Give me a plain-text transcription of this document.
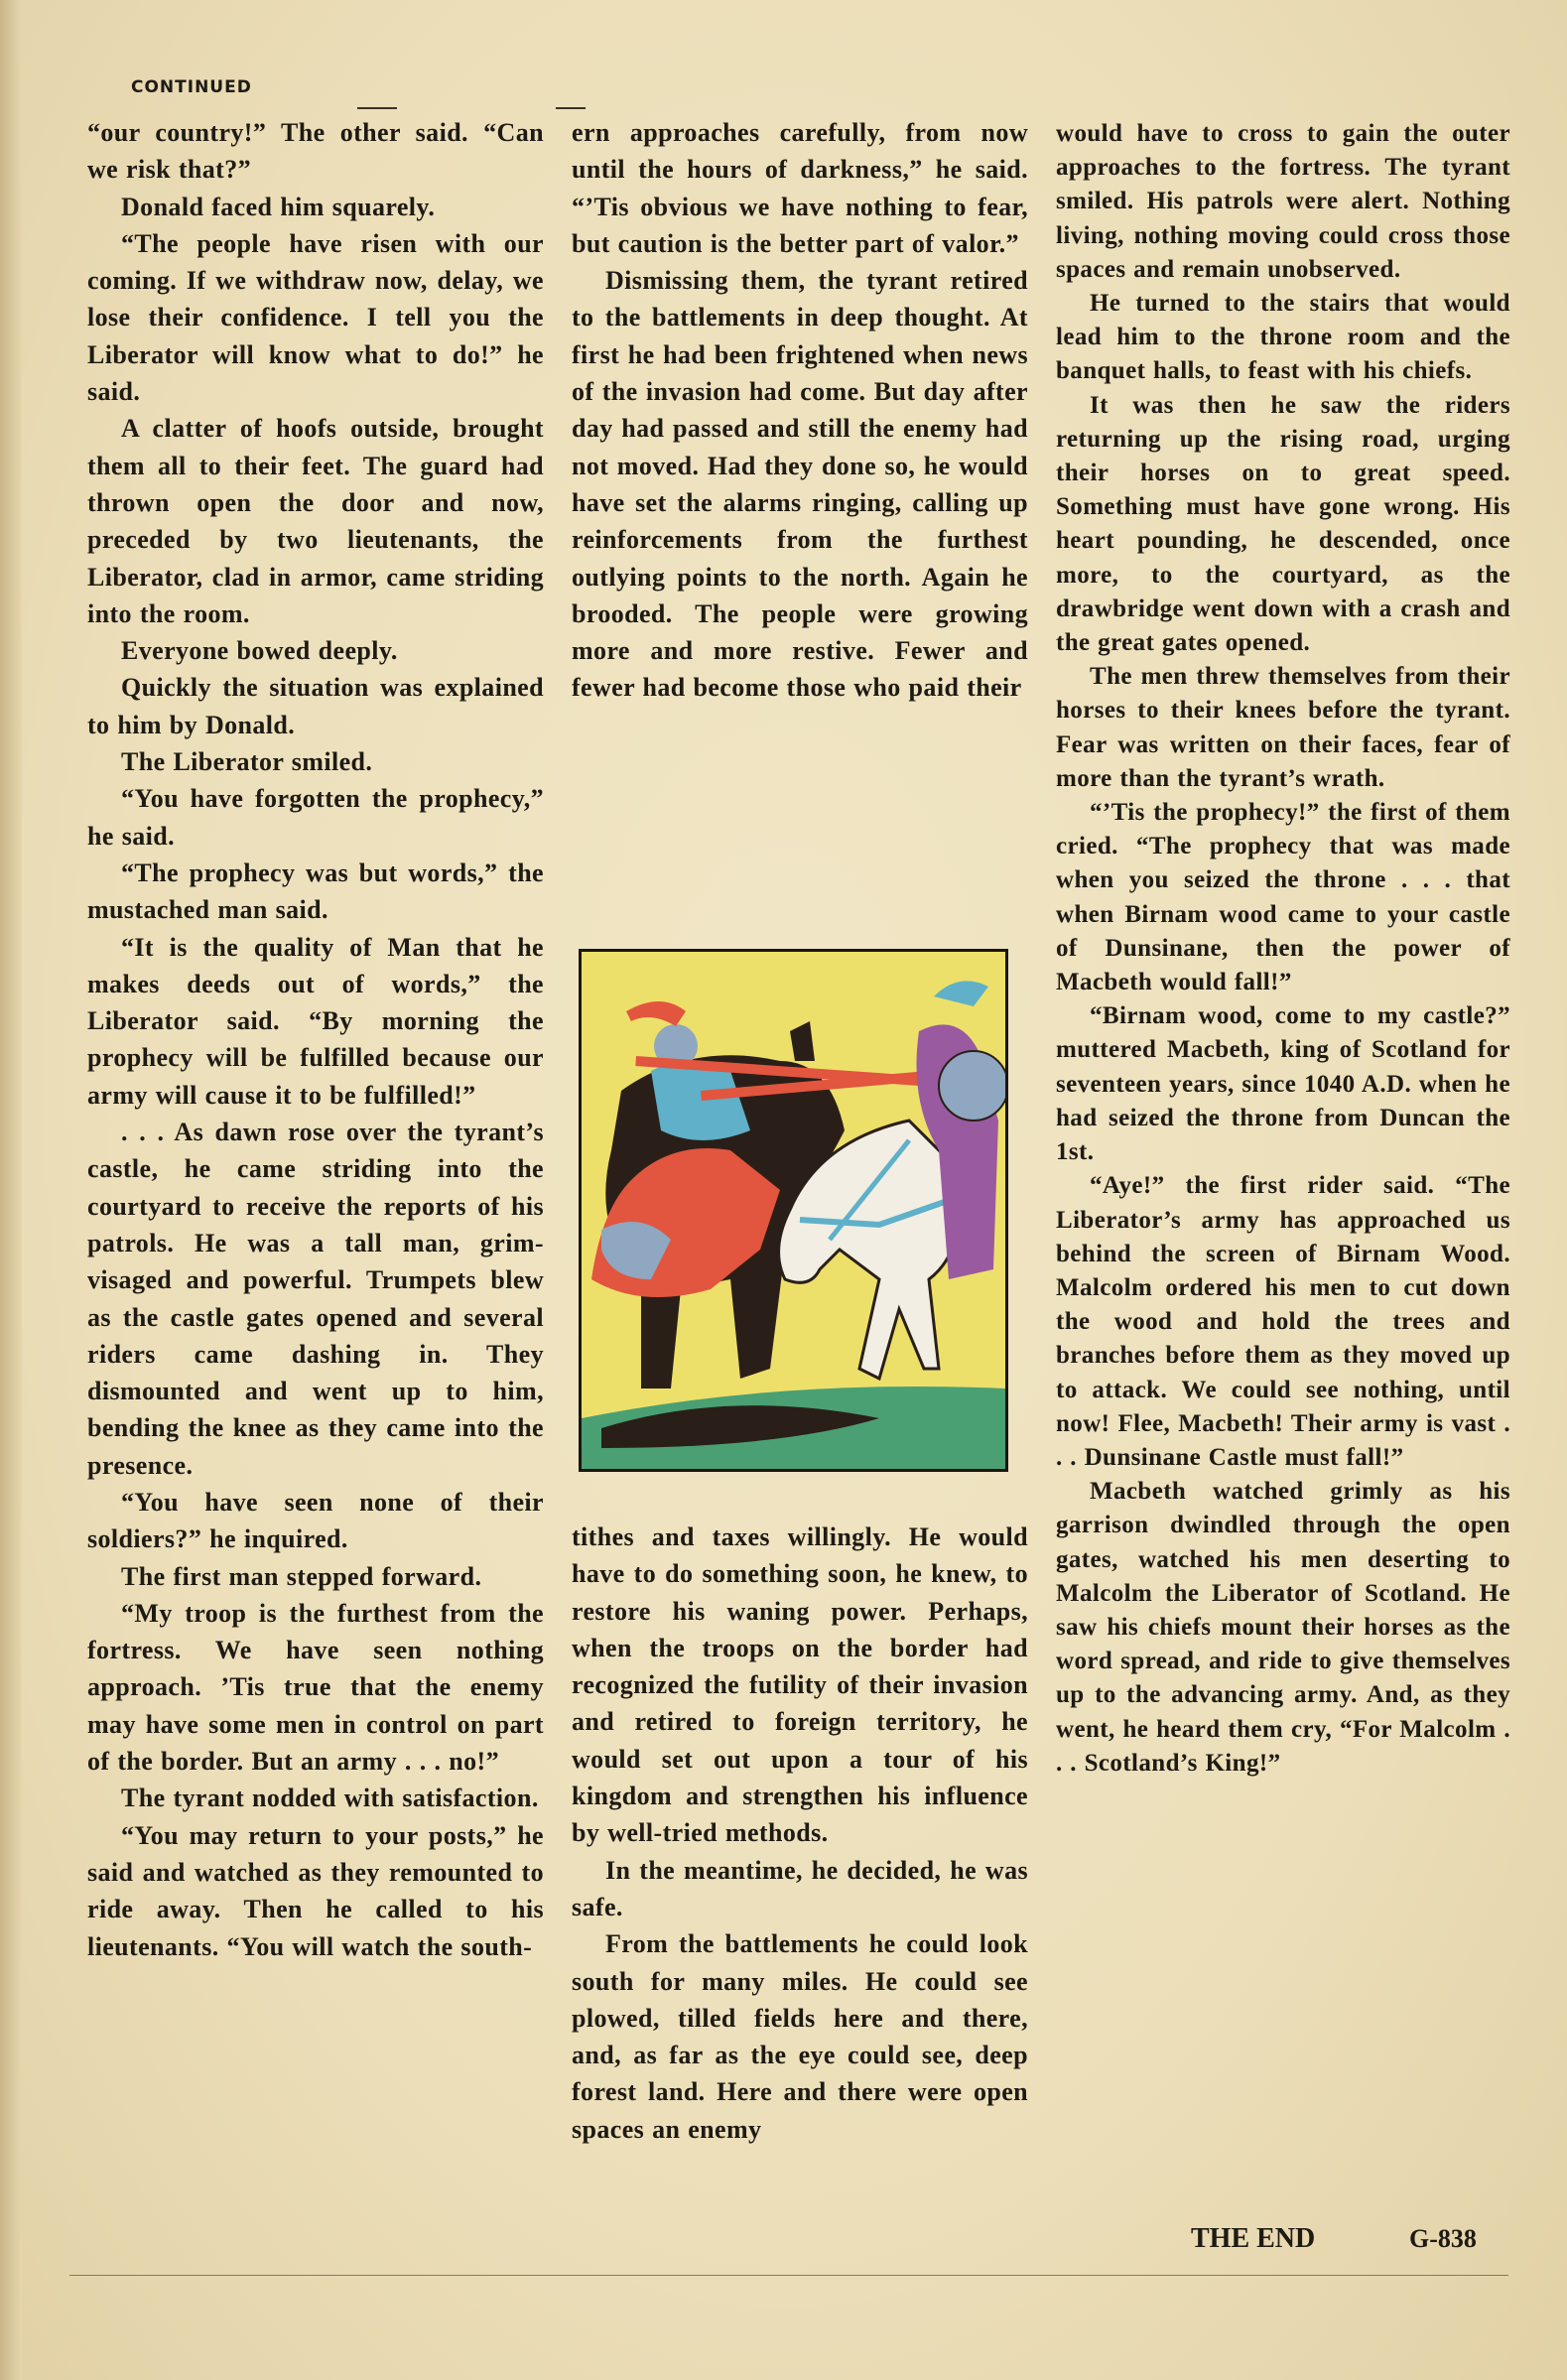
CONTINUED

“our country!” The other said. “Can we risk that?”

Donald faced him squarely.

“The people have risen with our coming. If we withdraw now, delay, we lose their confidence. I tell you the Liberator will know what to do!” he said.

A clatter of hoofs outside, brought them all to their feet. The guard had thrown open the door and now, preceded by two lieutenants, the Liberator, clad in armor, came striding into the room.

Everyone bowed deeply.

Quickly the situation was explained to him by Donald.

The Liberator smiled.

“You have forgotten the prophecy,” he said.

“The prophecy was but words,” the mustached man said.

“It is the quality of Man that he makes deeds out of words,” the Liberator said. “By morning the prophecy will be fulfilled because our army will cause it to be fulfilled!”

. . . As dawn rose over the tyrant’s castle, he came striding into the courtyard to receive the reports of his patrols. He was a tall man, grim-visaged and powerful. Trumpets blew as the castle gates opened and several riders came dashing in. They dismounted and went up to him, bending the knee as they came into the presence.

“You have seen none of their soldiers?” he inquired.

The first man stepped forward.

“My troop is the furthest from the fortress. We have seen nothing approach. ’Tis true that the enemy may have some men in control on part of the border. But an army . . . no!”

The tyrant nodded with satisfaction.

“You may return to your posts,” he said and watched as they remounted to ride away. Then he called to his lieutenants. “You will watch the south-

ern approaches carefully, from now until the hours of darkness,” he said. “’Tis obvious we have nothing to fear, but caution is the better part of valor.”

Dismissing them, the tyrant retired to the battlements in deep thought. At first he had been frightened when news of the invasion had come. But day after day had passed and still the enemy had not moved. Had they done so, he would have set the alarms ringing, calling up reinforcements from the furthest outlying points to the north. Again he brooded. The people were growing more and more restive. Fewer and fewer had become those who paid their

tithes and taxes willingly. He would have to do something soon, he knew, to restore his waning power. Perhaps, when the troops on the border had recognized the futility of their invasion and retired to foreign territory, he would set out upon a tour of his kingdom and strengthen his influence by well-tried methods.

In the meantime, he decided, he was safe.

From the battlements he could look south for many miles. He could see plowed, tilled fields here and there, and, as far as the eye could see, deep forest land. Here and there were open spaces an enemy

would have to cross to gain the outer approaches to the fortress. The tyrant smiled. His patrols were alert. Nothing living, nothing moving could cross those spaces and remain unobserved.

He turned to the stairs that would lead him to the throne room and the banquet halls, to feast with his chiefs.

It was then he saw the riders returning up the rising road, urging their horses on to great speed. Something must have gone wrong. His heart pounding, he descended, once more, to the courtyard, as the drawbridge went down with a crash and the great gates opened.

The men threw themselves from their horses to their knees before the tyrant. Fear was written on their faces, fear of more than the tyrant’s wrath.

“’Tis the prophecy!” the first of them cried. “The prophecy that was made when you seized the throne . . . that when Birnam wood came to your castle of Dunsinane, then the power of Macbeth would fall!”

“Birnam wood, come to my castle?” muttered Macbeth, king of Scotland for seventeen years, since 1040 A.D. when he had seized the throne from Duncan the 1st.

“Aye!” the first rider said. “The Liberator’s army has approached us behind the screen of Birnam Wood. Malcolm ordered his men to cut down the wood and hold the trees and branches before them as they moved up to attack. We could see nothing, until now! Flee, Macbeth! Their army is vast . . . Dunsinane Castle must fall!”

Macbeth watched grimly as his garrison dwindled through the open gates, watched his men deserting to Malcolm the Liberator of Scotland. He saw his chiefs mount their horses as the word spread, and ride to give themselves up to the advancing army. And, as they went, he heard them cry, “For Malcolm . . . Scotland’s King!”

THE END	G-838
